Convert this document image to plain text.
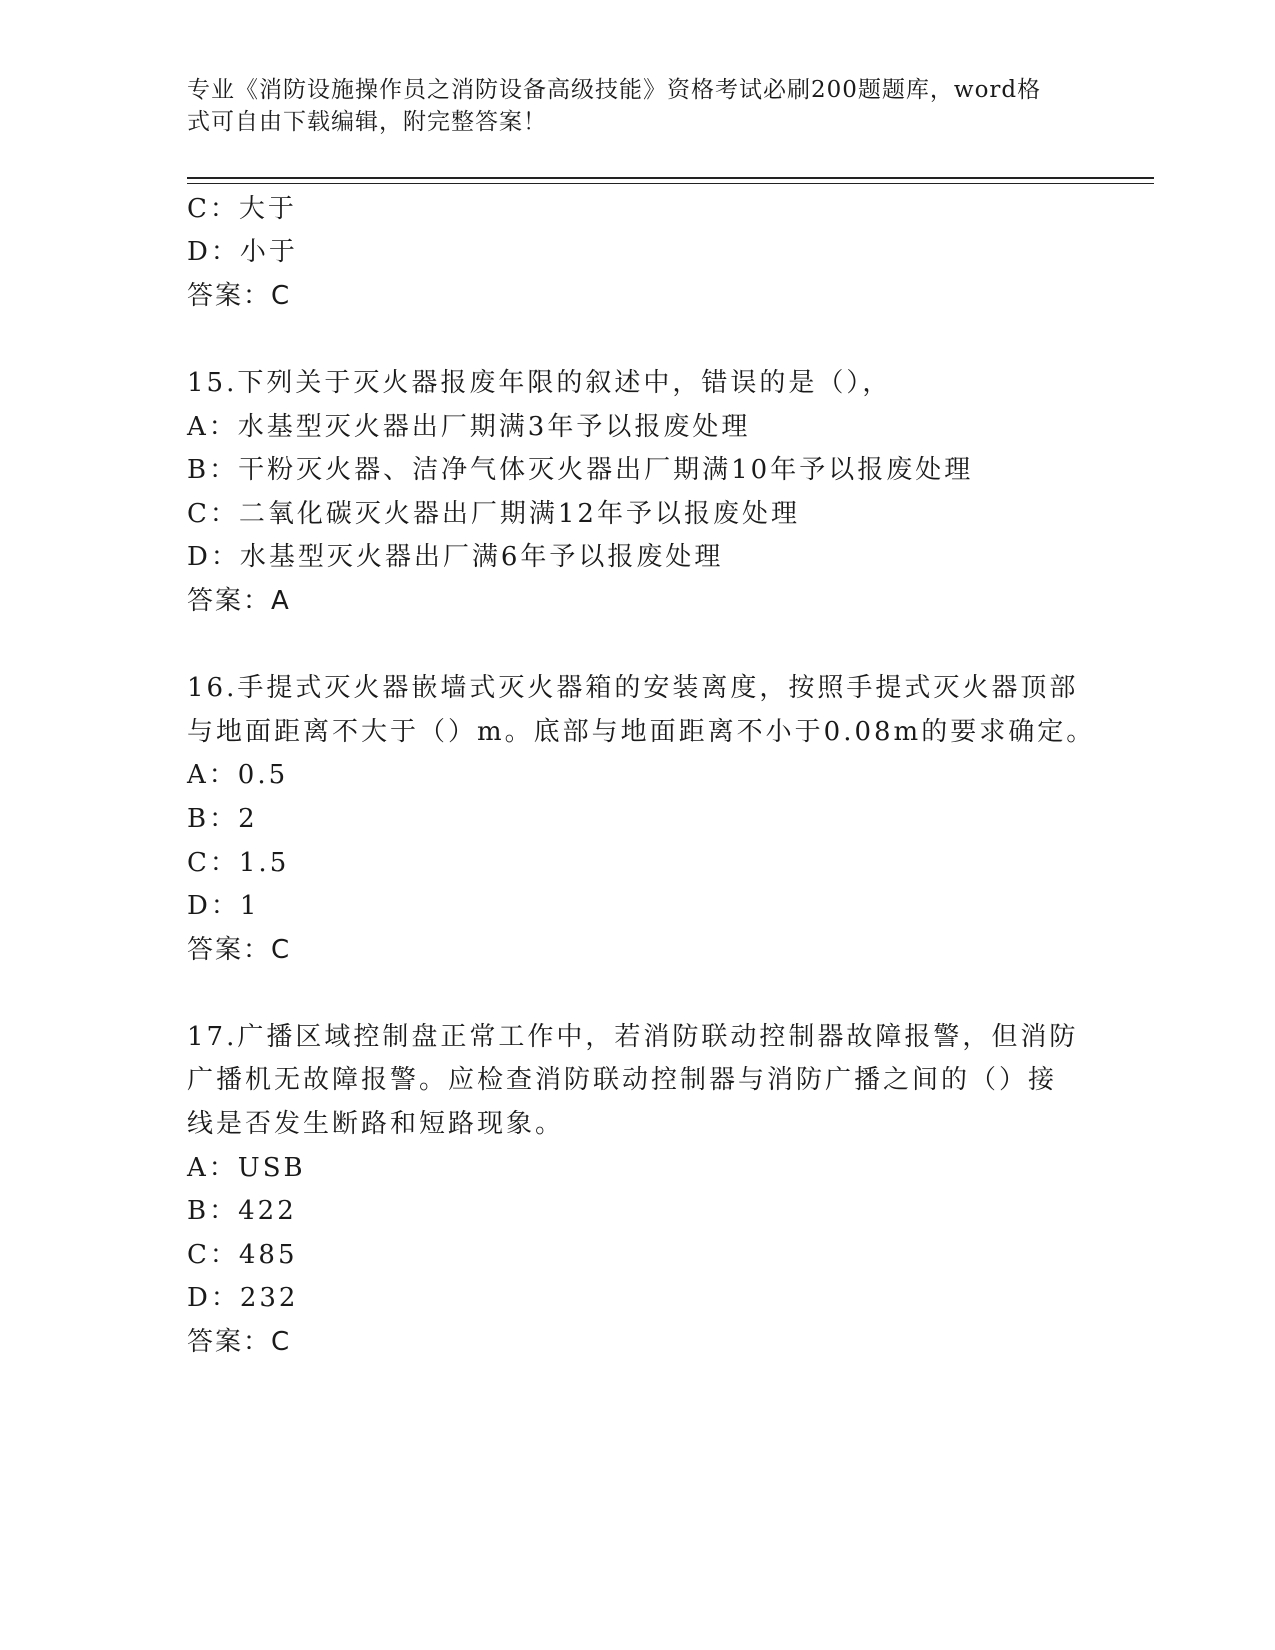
专业《消防设施操作员之消防设备高级技能》资格考试必刷200题题库，word格
式可自由下载编辑，附完整答案！
C：大于
D：小于
答案：C
15.下列关于灭火器报废年限的叙述中，错误的是（），
A：水基型灭火器出厂期满3年予以报废处理
B：干粉灭火器、洁净气体灭火器出厂期满10年予以报废处理
C：二氧化碳灭火器出厂期满12年予以报废处理
D：水基型灭火器出厂满6年予以报废处理
答案：A
16.手提式灭火器嵌墙式灭火器箱的安装离度，按照手提式灭火器顶部
与地面距离不大于（）m。底部与地面距离不小于0.08m的要求确定。
A：0.5
B：2
C：1.5
D：1
答案：C
17.广播区域控制盘正常工作中，若消防联动控制器故障报警，但消防
广播机无故障报警。应检查消防联动控制器与消防广播之间的（）接
线是否发生断路和短路现象。
A：USB
B：422
C：485
D：232
答案：C
